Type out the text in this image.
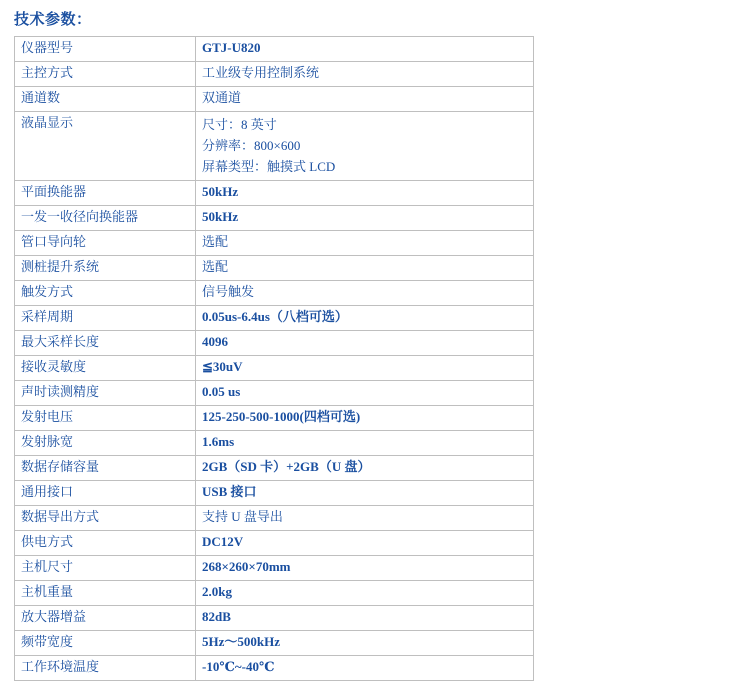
技术参数：
仪器型号	GTJ-U820
主控方式	工业级专用控制系统
通道数	双通道
液晶显示	尺寸：8 英寸
分辨率：800×600
屏幕类型：触摸式 LCD

平面换能器	50kHz
一发一收径向换能器	50kHz
管口导向轮	选配
测桩提升系统	选配
触发方式	信号触发
采样周期	0.05us-6.4us（八档可选）
最大采样长度	4096
接收灵敏度	≦30uV
声时读测精度	0.05 us
发射电压	125-250-500-1000(四档可选)
发射脉宽	1.6ms
数据存储容量	2GB（SD 卡）+2GB（U 盘）
通用接口	USB 接口
数据导出方式	支持 U 盘导出
供电方式	DC12V
主机尺寸	268×260×70mm
主机重量	2.0kg
放大器增益	82dB
频带宽度	5Hz～500kHz
工作环境温度	-10℃~-40℃
